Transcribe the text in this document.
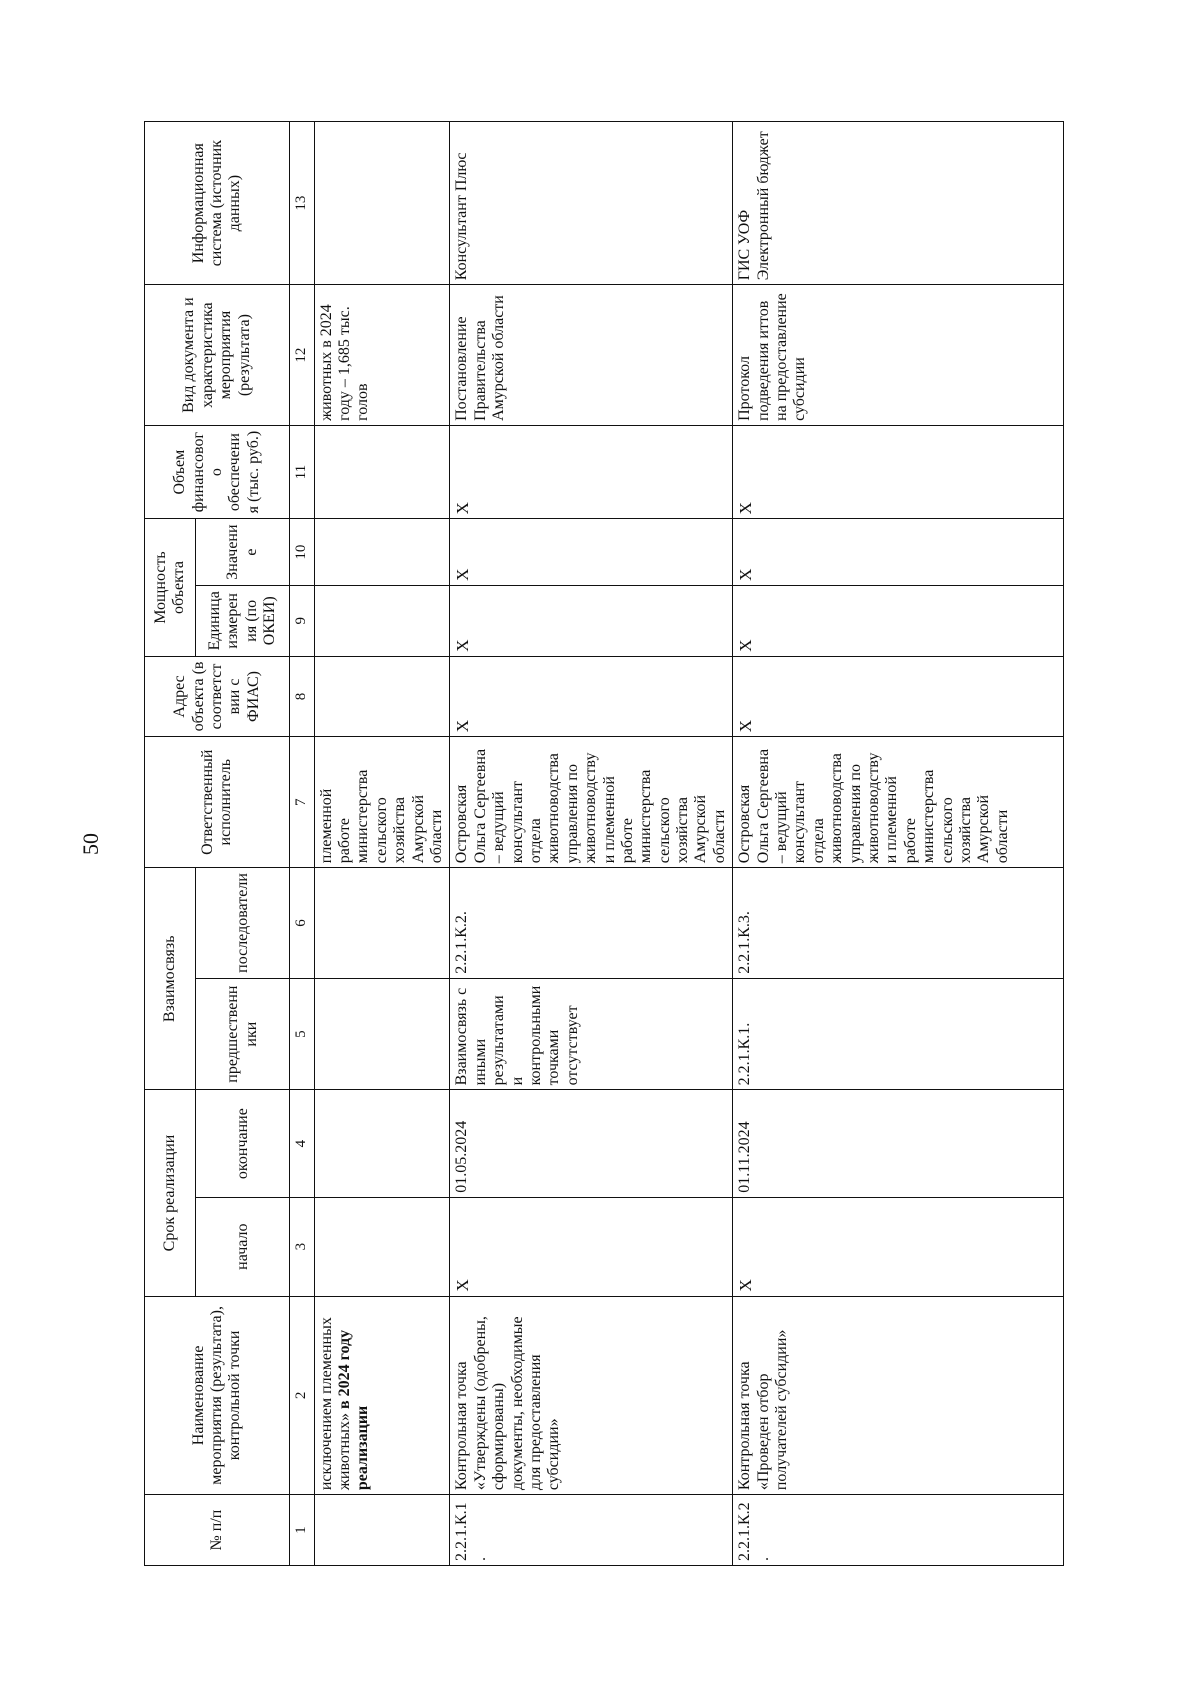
50
№ п/п	Наименование мероприятия (результата), контрольной точки	Срок реализации		Взаимосвязь		Ответственный исполнитель	Адрес объекта (в соответствии с ФИАС)	Мощность объекта		Объем финансового обеспечения (тыс. руб.)	Вид документа и характеристика мероприятия (результата)	Информационная система (источник данных)
		начало	окончание	предшественники	последователи			Единица измерения (по ОКЕИ)	Значение			
1	2	3	4	5	6	7	8	9	10	11	12	13
	исключением племенных животных» в 2024 году реализации					племенной работе министерства сельского хозяйства Амурской области					животных в 2024 году – 1,685 тыс. голов	
2.2.1.К.1.	Контрольная точка «Утверждены (одобрены, сформированы) документы, необходимые для предоставления субсидии»	X	01.05.2024	Взаимосвязь с иными результатами и контрольными точками отсутствует	2.2.1.К.2.	Островская Ольга Сергеевна – ведущий консультант отдела животноводства управления по животноводству и племенной работе министерства сельского хозяйства Амурской области	X	X	X	X	Постановление Правительства Амурской области	Консультант Плюс
2.2.1.К.2.	Контрольная точка «Проведен отбор получателей субсидии»	X	01.11.2024	2.2.1.К.1.	2.2.1.К.3.	Островская Ольга Сергеевна – ведущий консультант отдела животноводства управления по животноводству и племенной работе министерства сельского хозяйства Амурской области	X	X	X	X	Протокол подведения иттов на предоставление субсидии	ГИС УОФ Электронный бюджет
